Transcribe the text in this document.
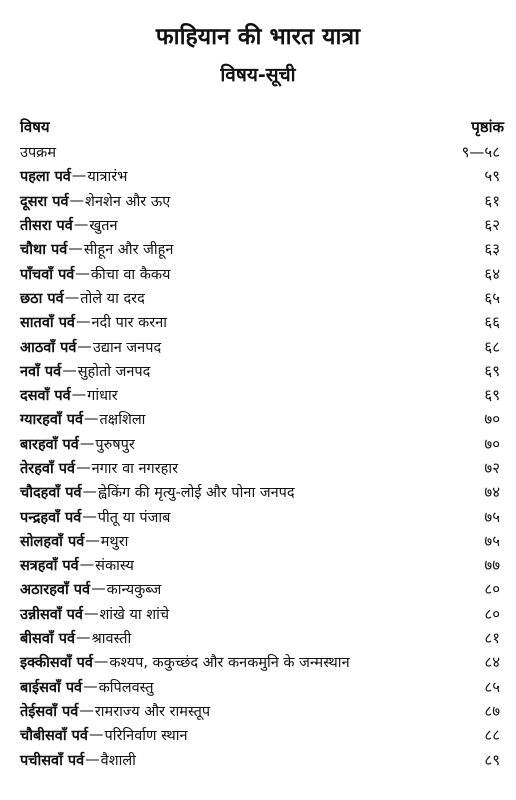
फाहियान की भारत यात्रा
विषय-सूची
विषय	पृष्ठांक
उपक्रम	९—५८
पहला पर्व — यात्रारंभ	५९
दूसरा पर्व — शेनशेन और ऊए	६१
तीसरा पर्व — खुतन	६२
चौथा पर्व — सीहून और जीहून	६३
पाँचवाँ पर्व — कीचा वा कैकय	६४
छठा पर्व — तोले या दरद	६५
सातवाँ पर्व — नदी पार करना	६६
आठवाँ पर्व — उद्यान जनपद	६८
नवाँ पर्व — सुहोतो जनपद	६९
दसवाँ पर्व — गांधार	६९
ग्यारहवाँ पर्व — तक्षशिला	७०
बारहवाँ पर्व — पुरुषपुर	७०
तेरहवाँ पर्व — नगार वा नगरहार	७२
चौदहवाँ पर्व — ह्वेकिंग की मृत्यु-लोई और पोना जनपद	७४
पन्द्रहवाँ पर्व — पीतू या पंजाब	७५
सोलहवाँ पर्व — मथुरा	७५
सत्रहवाँ पर्व — संकास्य	७७
अठारहवाँ पर्व — कान्यकुब्ज	८०
उन्नीसवाँ पर्व — शांखे या शांचे	८०
बीसवाँ पर्व — श्रावस्ती	८१
इक्कीसवाँ पर्व — कश्यप, ककुच्छंद और कनकमुनि के जन्मस्थान	८४
बाईसवाँ पर्व — कपिलवस्तु	८५
तेईसवाँ पर्व — रामराज्य और रामस्तूप	८७
चौबीसवाँ पर्व — परिनिर्वाण स्थान	८८
पचीसवाँ पर्व — वैशाली	८९
